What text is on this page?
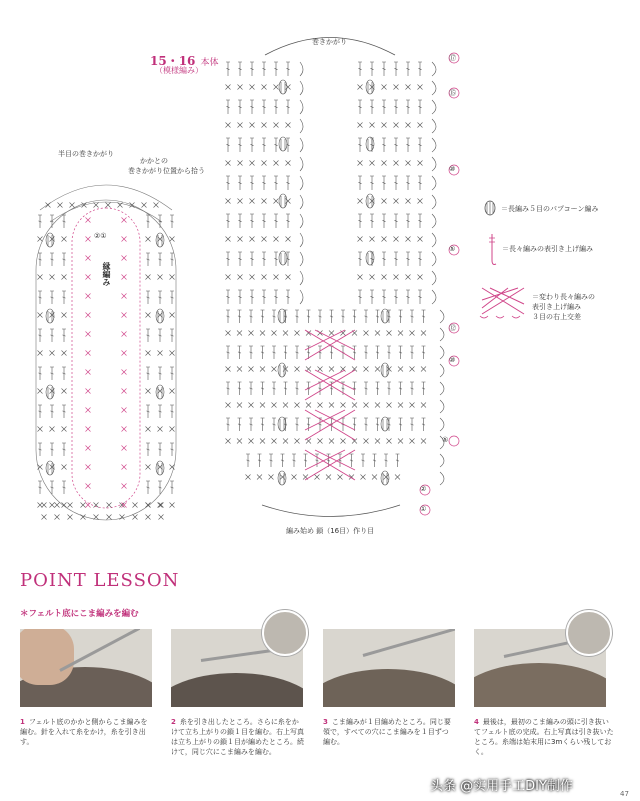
15・16 本体
（模様編み）
巻きかがり
半目の巻きかがり
かかとの
巻きかがり位置から拾う
②①
縁編み
編み始め 鎖（16目）作り目
⑰
⑮
⑩
⑤
⑫
⑩
⑤
②
①
＝長編み５目のパプコーン編み
＝長々編みの表引き上げ編み
＝変わり長々編みの
表引き上げ編み
３目の右上交差
POINT LESSON
＊フェルト底にこま編みを編む
1 フェルト底のかかと側からこま編みを編む。針を入れて糸をかけ，糸を引き出す。
2 糸を引き出したところ。さらに糸をかけて立ち上がりの鎖１目を編む。右上写真は立ち上がりの鎖１目が編めたところ。続けて，同じ穴にこま編みを編む。
3 こま編みが１目編めたところ。同じ要領で，すべての穴にこま編みを１目ずつ編む。
4 最後は，最初のこま編みの頭に引き抜いてフェルト底の完成。右上写真は引き抜いたところ。糸端は始末用に3mくらい残しておく。
头条 @实用手工DIY制作	47
